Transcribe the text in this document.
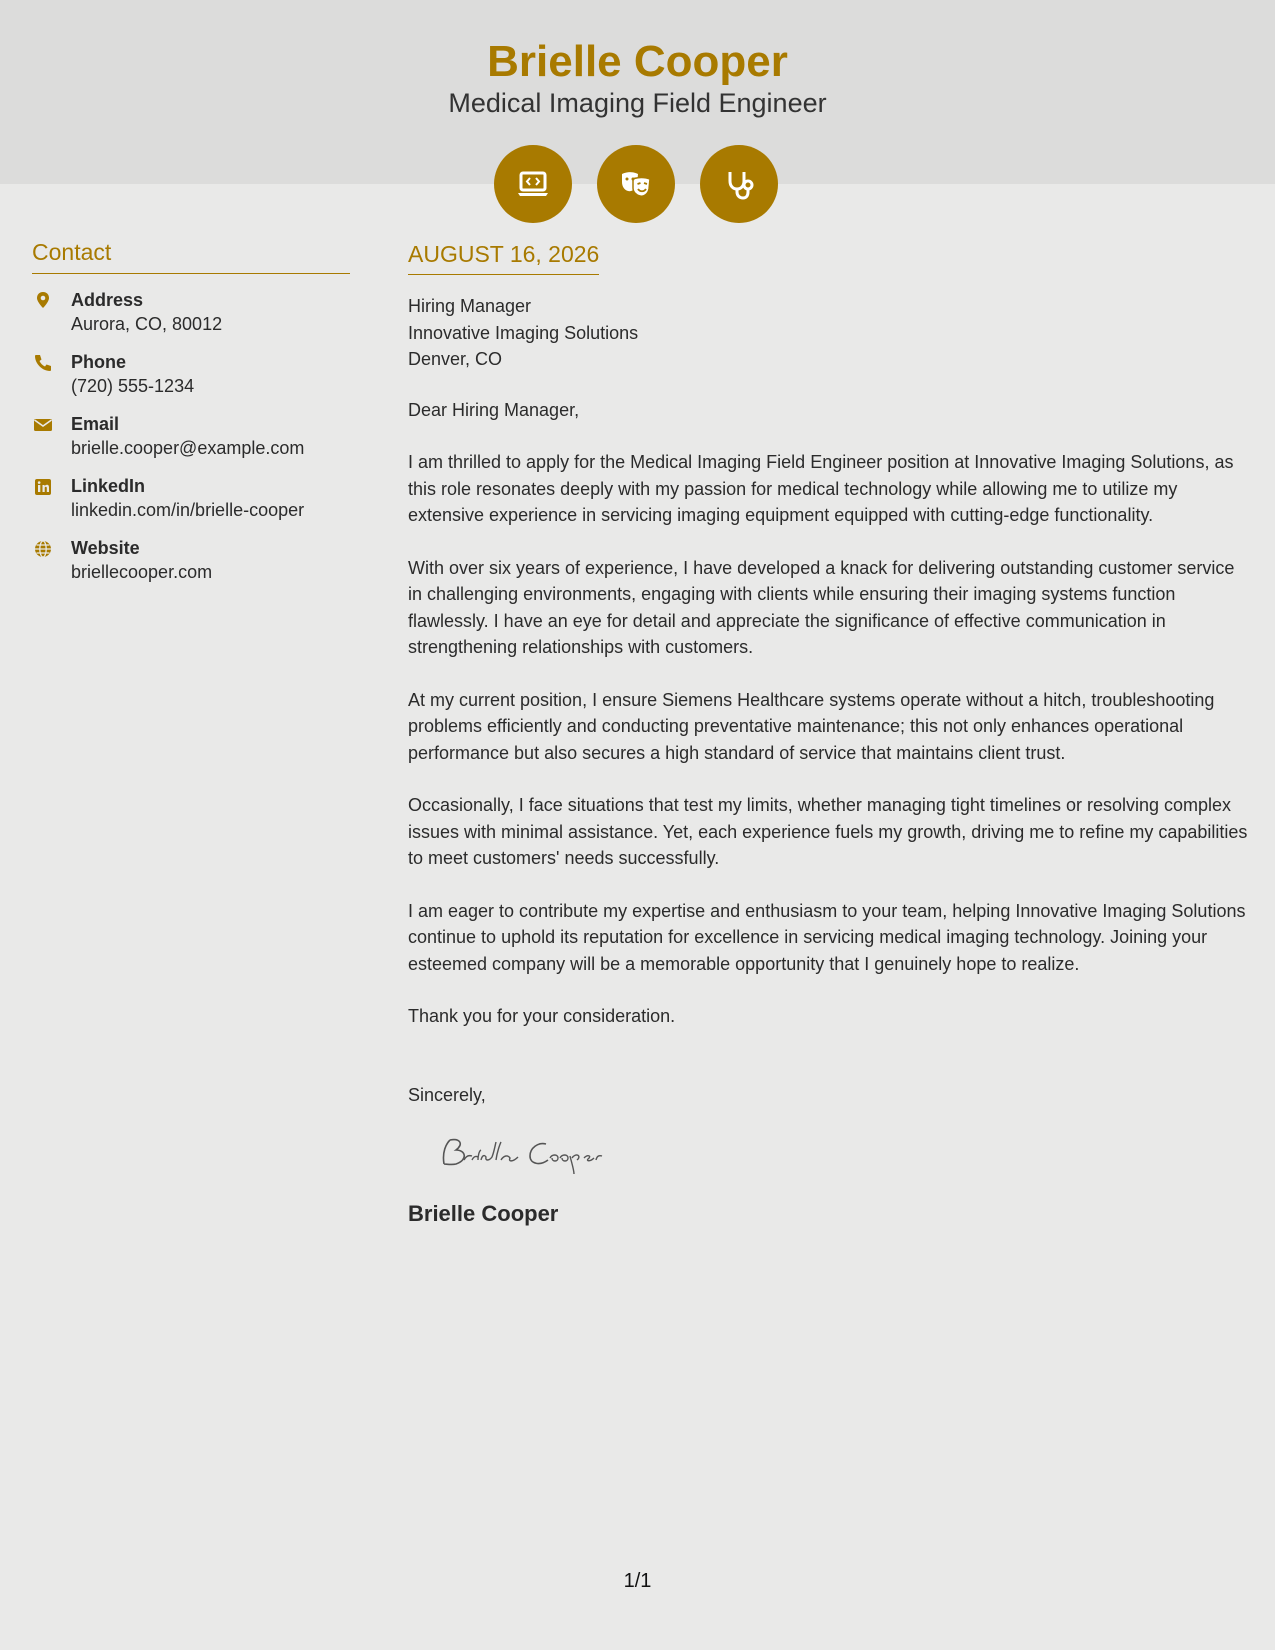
Brielle Cooper
Medical Imaging Field Engineer
Contact
Address
Aurora, CO, 80012
Phone
(720) 555-1234
Email
brielle.cooper@example.com
LinkedIn
linkedin.com/in/brielle-cooper
Website
briellecooper.com
AUGUST 16, 2026
Hiring Manager
Innovative Imaging Solutions
Denver, CO
Dear Hiring Manager,
I am thrilled to apply for the Medical Imaging Field Engineer position at Innovative Imaging Solutions, as this role resonates deeply with my passion for medical technology while allowing me to utilize my extensive experience in servicing imaging equipment equipped with cutting-edge functionality.
With over six years of experience, I have developed a knack for delivering outstanding customer service in challenging environments, engaging with clients while ensuring their imaging systems function flawlessly. I have an eye for detail and appreciate the significance of effective communication in strengthening relationships with customers.
At my current position, I ensure Siemens Healthcare systems operate without a hitch, troubleshooting problems efficiently and conducting preventative maintenance; this not only enhances operational performance but also secures a high standard of service that maintains client trust.
Occasionally, I face situations that test my limits, whether managing tight timelines or resolving complex issues with minimal assistance. Yet, each experience fuels my growth, driving me to refine my capabilities to meet customers' needs successfully.
I am eager to contribute my expertise and enthusiasm to your team, helping Innovative Imaging Solutions continue to uphold its reputation for excellence in servicing medical imaging technology. Joining your esteemed company will be a memorable opportunity that I genuinely hope to realize.
Thank you for your consideration.
Sincerely,
Brielle Cooper
1/1
